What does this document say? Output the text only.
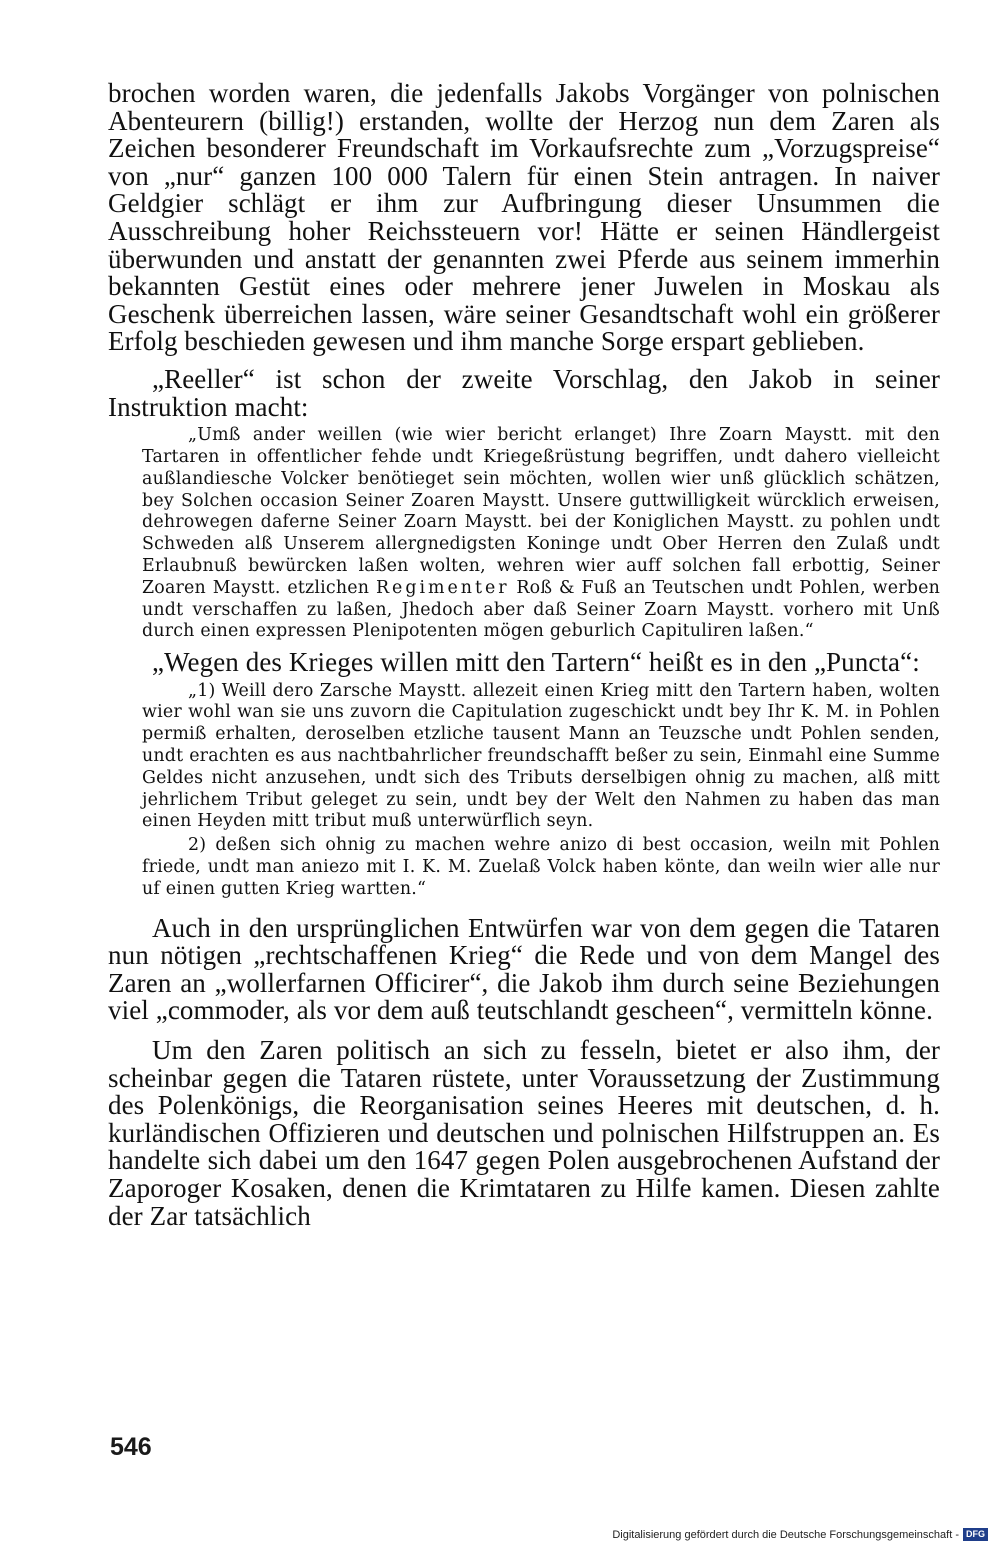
brochen worden waren, die jedenfalls Jakobs Vorgänger von polnischen Abenteurern (billig!) erstanden, wollte der Herzog nun dem Zaren als Zeichen besonderer Freundschaft im Vorkaufsrechte zum „Vorzugspreise“ von „nur“ ganzen 100 000 Talern für einen Stein antragen. In naiver Geldgier schlägt er ihm zur Aufbringung dieser Unsummen die Ausschreibung hoher Reichssteuern vor! Hätte er seinen Händlergeist überwunden und anstatt der genannten zwei Pferde aus seinem immerhin bekannten Gestüt eines oder mehrere jener Juwelen in Moskau als Geschenk überreichen lassen, wäre seiner Gesandtschaft wohl ein größerer Erfolg beschieden gewesen und ihm manche Sorge erspart geblieben.

„Reeller“ ist schon der zweite Vorschlag, den Jakob in seiner Instruktion macht:

„Umß ander weillen (wie wier bericht erlanget) Ihre Zoarn Maystt. mit den Tartaren in offentlicher fehde undt Kriegeßrüstung begriffen, undt dahero vielleicht außlandiesche Volcker benötieget sein möchten, wollen wier unß glücklich schätzen, bey Solchen occasion Seiner Zoaren Maystt. Unsere guttwilligkeit würcklich erweisen, dehrowegen daferne Seiner Zoarn Maystt. bei der Koniglichen Maystt. zu pohlen undt Schweden alß Unserem allergnedigsten Koninge undt Ober Herren den Zulaß undt Erlaubnuß bewürcken laßen wolten, wehren wier auff solchen fall erbottig, Seiner Zoaren Maystt. etzlichen Regimenter Roß & Fuß an Teutschen undt Pohlen, werben undt verschaffen zu laßen, Jhedoch aber daß Seiner Zoarn Maystt. vorhero mit Unß durch einen expressen Plenipotenten mögen geburlich Capituliren laßen.“

„Wegen des Krieges willen mitt den Tartern“ heißt es in den „Puncta“:

„1) Weill dero Zarsche Maystt. allezeit einen Krieg mitt den Tartern haben, wolten wier wohl wan sie uns zuvorn die Capitulation zugeschickt undt bey Ihr K. M. in Pohlen permiß erhalten, deroselben etzliche tausent Mann an Teuzsche undt Pohlen senden, undt erachten es aus nachtbahrlicher freundschafft beßer zu sein, Einmahl eine Summe Geldes nicht anzusehen, undt sich des Tributs derselbigen ohnig zu machen, alß mitt jehrlichem Tribut geleget zu sein, undt bey der Welt den Nahmen zu haben das man einen Heyden mitt tribut muß unterwürflich seyn.

2) deßen sich ohnig zu machen wehre anizo di best occasion, weiln mit Pohlen friede, undt man aniezo mit I. K. M. Zuelaß Volck haben könte, dan weiln wier alle nur uf einen gutten Krieg wartten.“

Auch in den ursprünglichen Entwürfen war von dem gegen die Tataren nun nötigen „rechtschaffenen Krieg“ die Rede und von dem Mangel des Zaren an „wollerfarnen Officirer“, die Jakob ihm durch seine Beziehungen viel „commoder, als vor dem auß teutschlandt gescheen“, vermitteln könne.

Um den Zaren politisch an sich zu fesseln, bietet er also ihm, der scheinbar gegen die Tataren rüstete, unter Voraussetzung der Zustimmung des Polenkönigs, die Reorganisation seines Heeres mit deutschen, d. h. kurländischen Offizieren und deutschen und polnischen Hilfstruppen an. Es handelte sich dabei um den 1647 gegen Polen ausgebrochenen Aufstand der Zaporoger Kosaken, denen die Krimtataren zu Hilfe kamen. Diesen zahlte der Zar tatsächlich

546

Digitalisierung gefördert durch die Deutsche Forschungsgemeinschaft - DFG
